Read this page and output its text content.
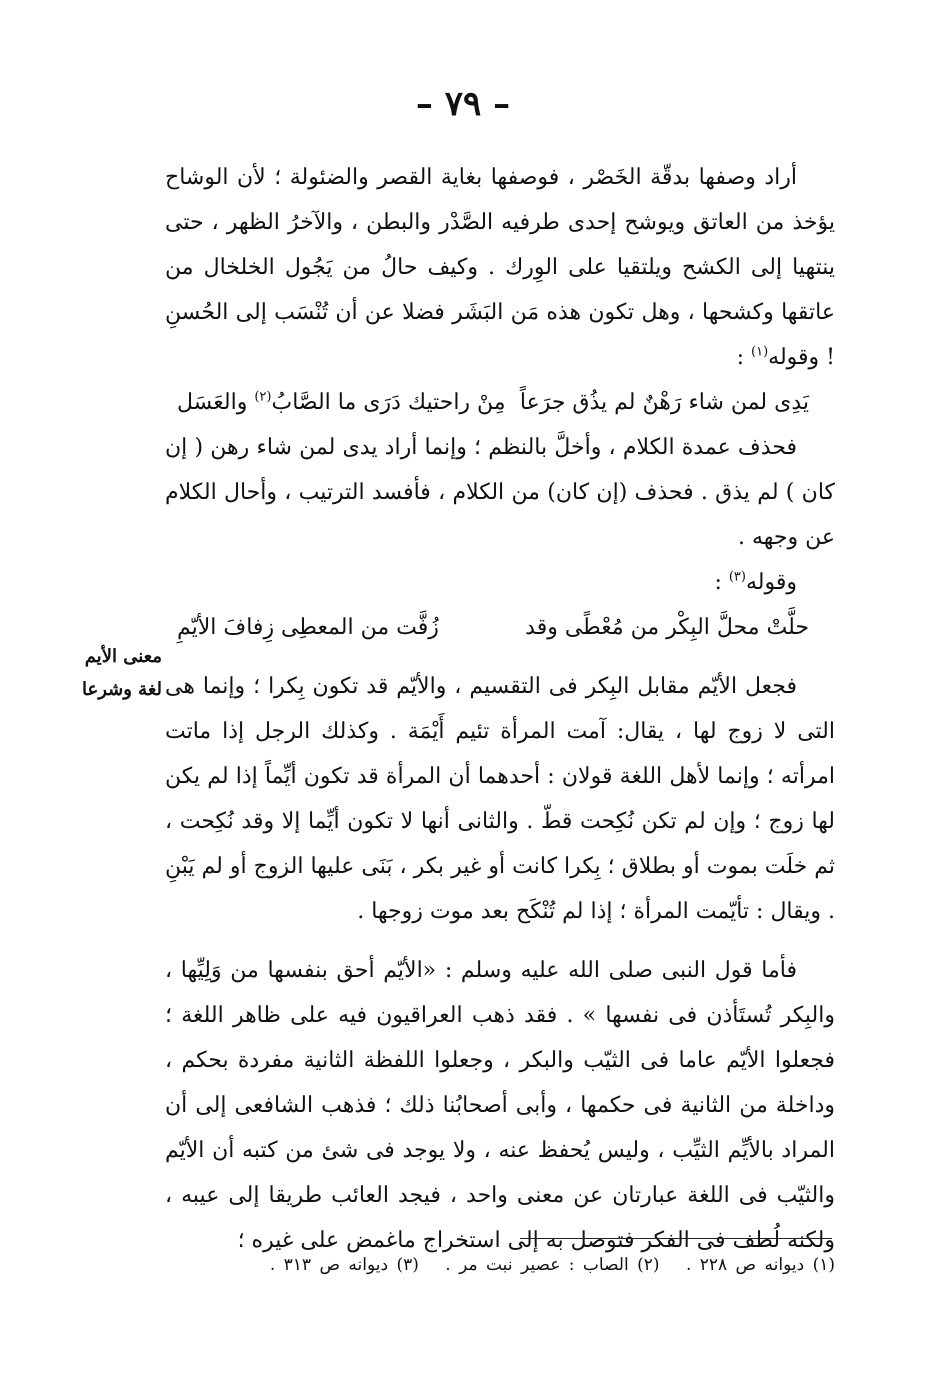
– ٧٩ –

أراد وصفها بدقّة الخَصْر ، فوصفها بغاية القصر والضئولة ؛ لأن الوشاح يؤخذ من العاتق ويوشح إحدى طرفيه الصَّدْر والبطن ، والآخرُ الظهر ، حتى ينتهيا إلى الكشح ويلتقيا على الوِرك . وكيف حالُ من يَجُول الخلخال من عاتقها وكشحها ، وهل تكون هذه مَن البَشَر فضلا عن أن تُنْسَب إلى الحُسنِ ! وقوله$^{(١)}$ :

يَدِى لمن شاء رَهْنٌ لم يذُق جرَعاً
مِنْ راحتيك دَرَى ما الصَّابُ$^{(٢)}$ والعَسَل

فحذف عمدة الكلام ، وأخلَّ بالنظم ؛ وإنما أراد يدى لمن شاء رهن ( إن كان ) لم يذق . فحذف (إن كان) من الكلام ، فأفسد الترتيب ، وأحال الكلام عن وجهه .

وقوله$^{(٣)}$ :

حلَّتْ محلَّ البِكْر من مُعْطًى وقد
زُفَّت من المعطِى زِفافَ الأيّمِ

فجعل الأيّم مقابل البِكر فى التقسيم ، والأيّم قد تكون بِكرا ؛ وإنما هى التى لا زوج لها ، يقال: آمت المرأة تئيم أَيْمَة . وكذلك الرجل إذا ماتت امرأته ؛ وإنما لأهل اللغة قولان : أحدهما أن المرأة قد تكون أيِّماً إذا لم يكن لها زوج ؛ وإن لم تكن نُكِحت قطّ . والثانى أنها لا تكون أيِّما إلا وقد نُكِحت ، ثم خلَت بموت أو بطلاق ؛ بِكرا كانت أو غير بكر ، بَنَى عليها الزوج أو لم يَبْنِ . ويقال : تأيّمت المرأة ؛ إذا لم تُنْكَح بعد موت زوجها .

فأما قول النبى صلى الله عليه وسلم : «الأيّم أحق بنفسها من وَلِيِّها ، والبِكر تُستَأذن فى نفسها » . فقد ذهب العراقيون فيه على ظاهر اللغة ؛ فجعلوا الأيّم عاما فى الثيّب والبكر ، وجعلوا اللفظة الثانية مفردة بحكم ، وداخلة من الثانية فى حكمها ، وأبى أصحابُنا ذلك ؛ فذهب الشافعى إلى أن المراد بالأيِّم الثيِّب ، وليس يُحفظ عنه ، ولا يوجد فى شئ من كتبه أن الأيّم والثيّب فى اللغة عبارتان عن معنى واحد ، فيجد العائب طريقا إلى عيبه ، ولكنه لُطف فى الفكر فتوصل به إلى استخراج ماغمض على غيره ؛

معنى الأيم
لغة وشرعا
(١) ديوانه ص ٢٢٨ . (٢) الصاب : عصير نبت مر . (٣) ديوانه ص ٣١٣ .
